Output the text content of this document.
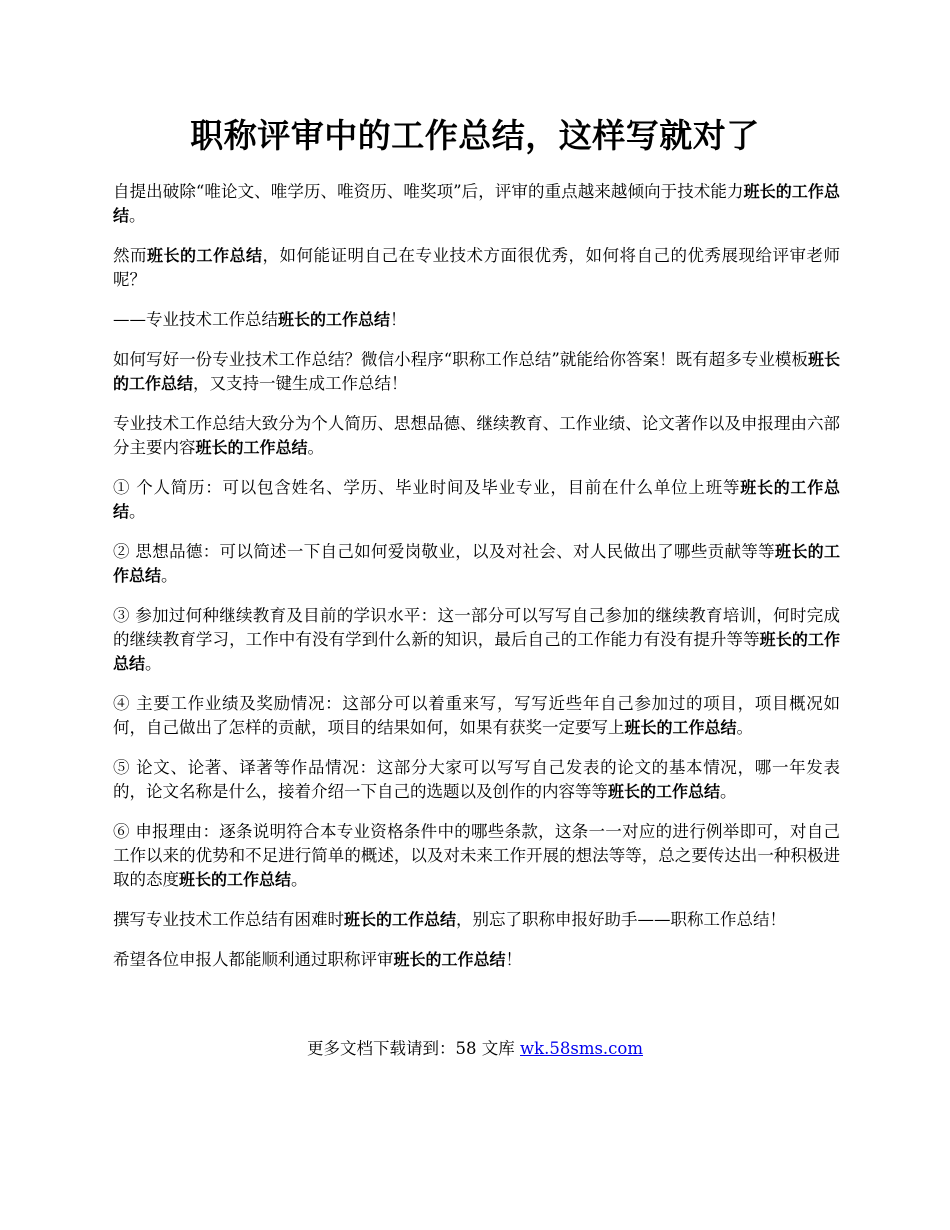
职称评审中的工作总结，这样写就对了

自提出破除“唯论文、唯学历、唯资历、唯奖项”后，评审的重点越来越倾向于技术能力班长的工作总结。

然而班长的工作总结，如何能证明自己在专业技术方面很优秀，如何将自己的优秀展现给评审老师呢？

——专业技术工作总结班长的工作总结！

如何写好一份专业技术工作总结？微信小程序“职称工作总结”就能给你答案！既有超多专业模板班长的工作总结，又支持一键生成工作总结！

专业技术工作总结大致分为个人简历、思想品德、继续教育、工作业绩、论文著作以及申报理由六部分主要内容班长的工作总结。

① 个人简历：可以包含姓名、学历、毕业时间及毕业专业，目前在什么单位上班等班长的工作总结。

② 思想品德：可以简述一下自己如何爱岗敬业，以及对社会、对人民做出了哪些贡献等等班长的工作总结。

③ 参加过何种继续教育及目前的学识水平：这一部分可以写写自己参加的继续教育培训，何时完成的继续教育学习，工作中有没有学到什么新的知识，最后自己的工作能力有没有提升等等班长的工作总结。

④ 主要工作业绩及奖励情况：这部分可以着重来写，写写近些年自己参加过的项目，项目概况如何，自己做出了怎样的贡献，项目的结果如何，如果有获奖一定要写上班长的工作总结。

⑤ 论文、论著、译著等作品情况：这部分大家可以写写自己发表的论文的基本情况，哪一年发表的，论文名称是什么，接着介绍一下自己的选题以及创作的内容等等班长的工作总结。

⑥ 申报理由：逐条说明符合本专业资格条件中的哪些条款，这条一一对应的进行例举即可，对自己工作以来的优势和不足进行简单的概述，以及对未来工作开展的想法等等，总之要传达出一种积极进取的态度班长的工作总结。

撰写专业技术工作总结有困难时班长的工作总结，别忘了职称申报好助手——职称工作总结！

希望各位申报人都能顺利通过职称评审班长的工作总结！

更多文档下载请到：58 文库 wk.58sms.com
